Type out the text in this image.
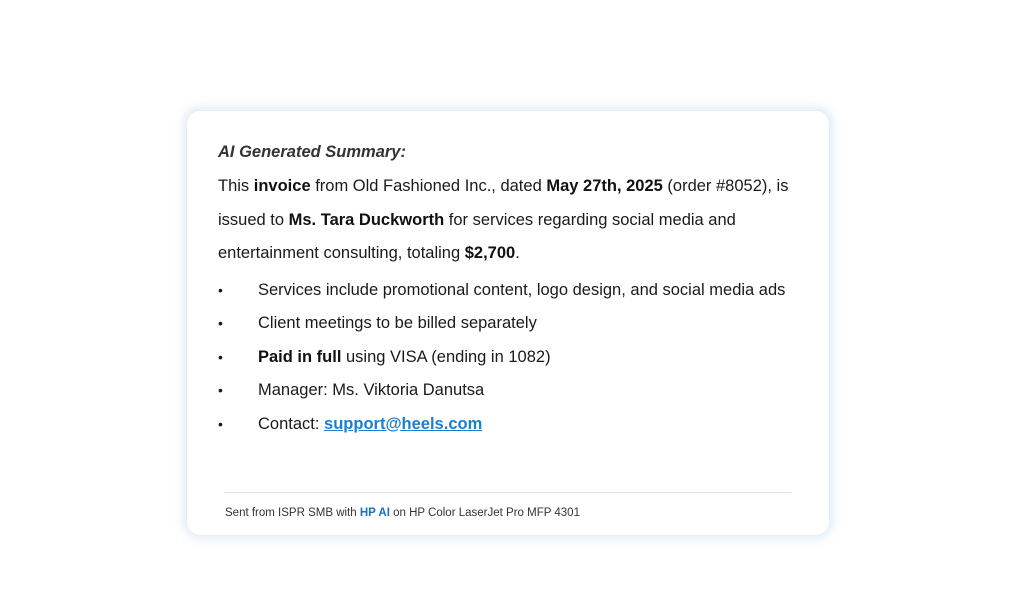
AI Generated Summary:

This invoice from Old Fashioned Inc., dated May 27th, 2025 (order #8052), is issued to Ms. Tara Duckworth for services regarding social media and entertainment consulting, totaling $2,700.

• Services include promotional content, logo design, and social media ads
• Client meetings to be billed separately
• Paid in full using VISA (ending in 1082)
• Manager: Ms. Viktoria Danutsa
• Contact: support@heels.com
Sent from ISPR SMB with HP AI on HP Color LaserJet Pro MFP 4301
